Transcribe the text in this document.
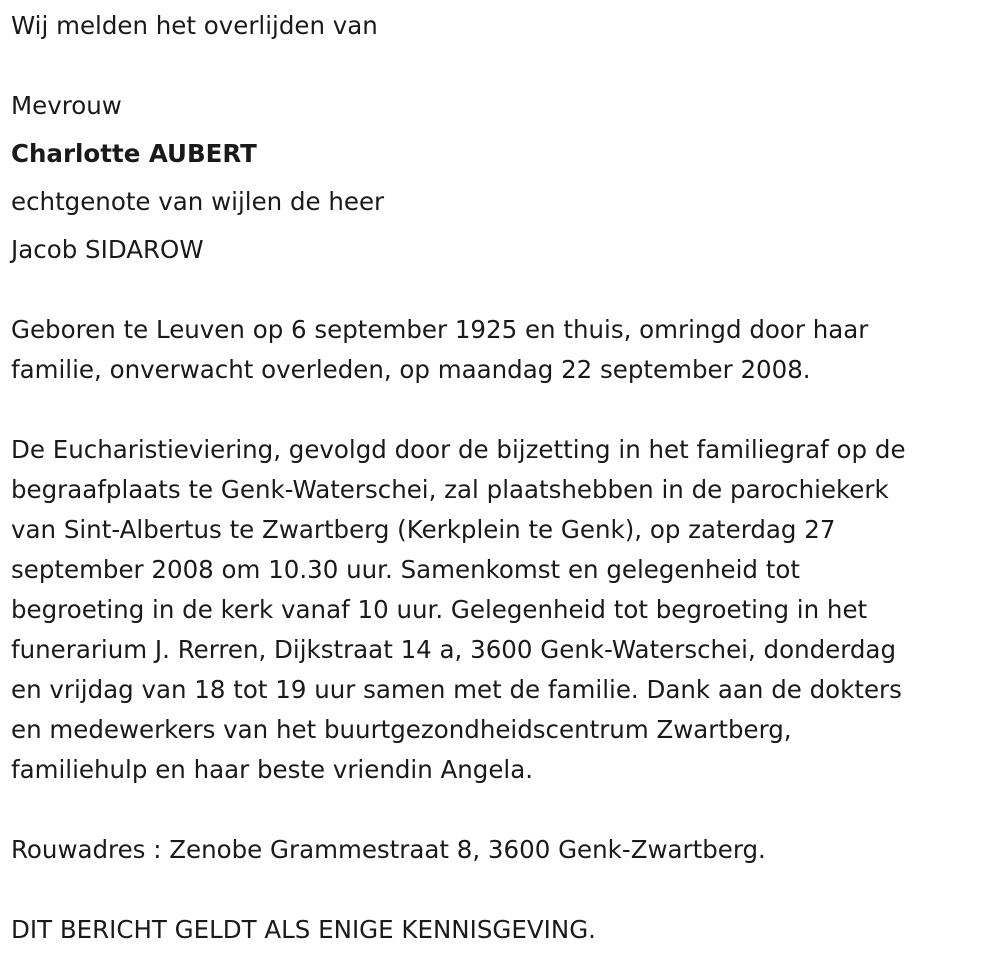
Wij melden het overlijden van

Mevrouw

Charlotte AUBERT

echtgenote van wijlen de heer

Jacob SIDAROW

Geboren te Leuven op 6 september 1925 en thuis, omringd door haar
familie, onverwacht overleden, op maandag 22 september 2008.
De Eucharistieviering, gevolgd door de bijzetting in het familiegraf op de
begraafplaats te Genk-Waterschei, zal plaatshebben in de parochiekerk
van Sint-Albertus te Zwartberg (Kerkplein te Genk), op zaterdag 27
september 2008 om 10.30 uur. Samenkomst en gelegenheid tot
begroeting in de kerk vanaf 10 uur. Gelegenheid tot begroeting in het
funerarium J. Rerren, Dijkstraat 14 a, 3600 Genk-Waterschei, donderdag
en vrijdag van 18 tot 19 uur samen met de familie. Dank aan de dokters
en medewerkers van het buurtgezondheidscentrum Zwartberg,
familiehulp en haar beste vriendin Angela.

Rouwadres : Zenobe Grammestraat 8, 3600 Genk-Zwartberg.

DIT BERICHT GELDT ALS ENIGE KENNISGEVING.
